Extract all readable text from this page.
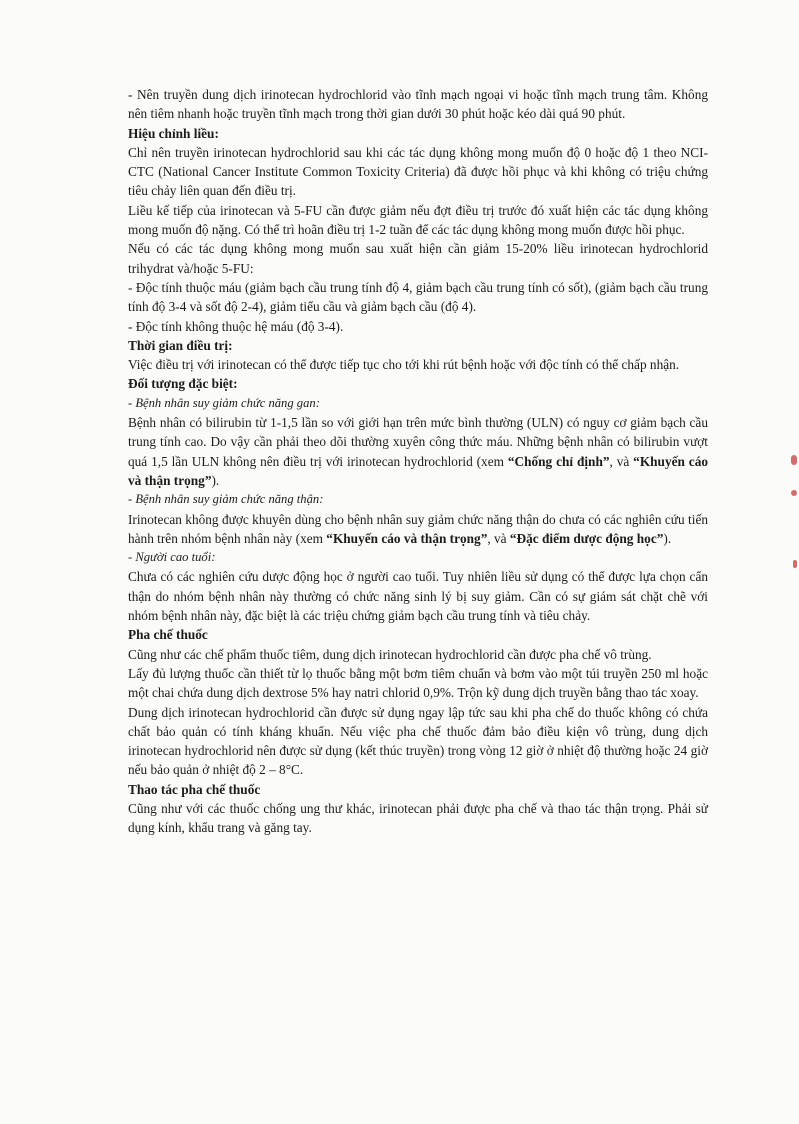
- Nên truyền dung dịch irinotecan hydrochlorid vào tĩnh mạch ngoại vi hoặc tĩnh mạch trung tâm. Không nên tiêm nhanh hoặc truyền tĩnh mạch trong thời gian dưới 30 phút hoặc kéo dài quá 90 phút.

Hiệu chỉnh liều:

Chỉ nên truyền irinotecan hydrochlorid sau khi các tác dụng không mong muốn độ 0 hoặc độ 1 theo NCI-CTC (National Cancer Institute Common Toxicity Criteria) đã được hồi phục và khi không có triệu chứng tiêu chảy liên quan đến điều trị.

Liều kế tiếp của irinotecan và 5-FU cần được giảm nếu đợt điều trị trước đó xuất hiện các tác dụng không mong muốn độ nặng. Có thể trì hoãn điều trị 1-2 tuần để các tác dụng không mong muốn được hồi phục.

Nếu có các tác dụng không mong muốn sau xuất hiện cần giảm 15-20% liều irinotecan hydrochlorid trihydrat và/hoặc 5-FU:

- Độc tính thuộc máu (giảm bạch cầu trung tính độ 4, giảm bạch cầu trung tính có sốt), (giảm bạch cầu trung tính độ 3-4 và sốt độ 2-4), giảm tiểu cầu và giảm bạch cầu (độ 4).

- Độc tính không thuộc hệ máu (độ 3-4).

Thời gian điều trị:

Việc điều trị với irinotecan có thể được tiếp tục cho tới khi rút bệnh hoặc với độc tính có thể chấp nhận.

Đối tượng đặc biệt:

- Bệnh nhân suy giảm chức năng gan:

Bệnh nhân có bilirubin từ 1-1,5 lần so với giới hạn trên mức bình thường (ULN) có nguy cơ giảm bạch cầu trung tính cao. Do vậy cần phải theo dõi thường xuyên công thức máu. Những bệnh nhân có bilirubin vượt quá 1,5 lần ULN không nên điều trị với irinotecan hydrochlorid (xem “Chống chỉ định”, và “Khuyến cáo và thận trọng”).

- Bệnh nhân suy giảm chức năng thận:

Irinotecan không được khuyên dùng cho bệnh nhân suy giảm chức năng thận do chưa có các nghiên cứu tiến hành trên nhóm bệnh nhân này (xem “Khuyến cáo và thận trọng”, và “Đặc điểm dược động học”).

- Người cao tuổi:

Chưa có các nghiên cứu dược động học ở người cao tuổi. Tuy nhiên liều sử dụng có thể được lựa chọn cẩn thận do nhóm bệnh nhân này thường có chức năng sinh lý bị suy giảm. Cần có sự giám sát chặt chẽ với nhóm bệnh nhân này, đặc biệt là các triệu chứng giảm bạch cầu trung tính và tiêu chảy.

Pha chế thuốc

Cũng như các chế phẩm thuốc tiêm, dung dịch irinotecan hydrochlorid cần được pha chế vô trùng.

Lấy đủ lượng thuốc cần thiết từ lọ thuốc bằng một bơm tiêm chuẩn và bơm vào một túi truyền 250 ml hoặc một chai chứa dung dịch dextrose 5% hay natri chlorid 0,9%. Trộn kỹ dung dịch truyền bằng thao tác xoay.

Dung dịch irinotecan hydrochlorid cần được sử dụng ngay lập tức sau khi pha chế do thuốc không có chứa chất bảo quản có tính kháng khuẩn. Nếu việc pha chế thuốc đảm bảo điều kiện vô trùng, dung dịch irinotecan hydrochlorid nên được sử dụng (kết thúc truyền) trong vòng 12 giờ ở nhiệt độ thường hoặc 24 giờ nếu bảo quản ở nhiệt độ 2 – 8°C.

Thao tác pha chế thuốc

Cũng như với các thuốc chống ung thư khác, irinotecan phải được pha chế và thao tác thận trọng. Phải sử dụng kính, khẩu trang và găng tay.
